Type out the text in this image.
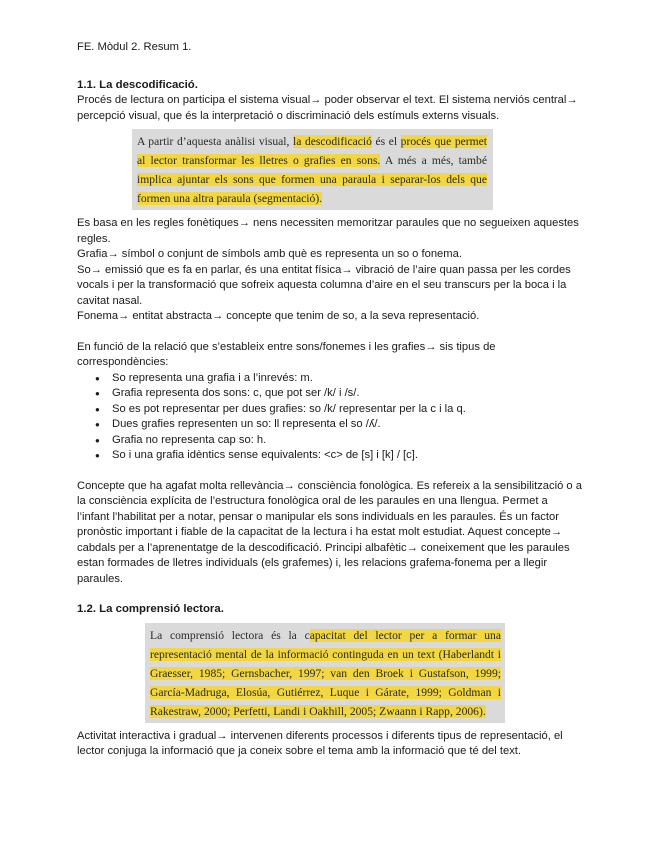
FE. Mòdul 2. Resum 1.

1.1. La descodificació.

Procés de lectura on participa el sistema visual→ poder observar el text. El sistema nerviós central→ percepció visual, que és la interpretació o discriminació dels estímuls externs visuals.

A partir d’aquesta anàlisi visual, la descodificació és el procés que permet al lector transformar les lletres o grafies en sons. A més a més, també implica ajuntar els sons que formen una paraula i separar-los dels que formen una altra paraula (segmentació).

Es basa en les regles fonètiques→ nens necessiten memoritzar paraules que no segueixen aquestes regles.

Grafia→ símbol o conjunt de símbols amb què es representa un so o fonema.

So→ emissió que es fa en parlar, és una entitat física→ vibració de l’aire quan passa per les cordes vocals i per la transformació que sofreix aquesta columna d’aire en el seu transcurs per la boca i la cavitat nasal.

Fonema→ entitat abstracta→ concepte que tenim de so, a la seva representació.

En funció de la relació que s’estableix entre sons/fonemes i les grafies→ sis tipus de correspondències:

● So representa una grafia i a l’inrevés: m.
● Grafia representa dos sons: c, que pot ser /k/ i /s/.
● So es pot representar per dues grafies: so /k/ representar per la c i la q.
● Dues grafies representen un so: ll representa el so /ʎ/.
● Grafia no representa cap so: h.
● So i una grafia idèntics sense equivalents: <c> de [s] i [k] / [c].

Concepte que ha agafat molta rellevància→ consciència fonològica. Es refereix a la sensibilització o a la consciència explícita de l’estructura fonològica oral de les paraules en una llengua. Permet a l’infant l’habilitat per a notar, pensar o manipular els sons individuals en les paraules. És un factor pronòstic important i fiable de la capacitat de la lectura i ha estat molt estudiat. Aquest concepte→ cabdals per a l’aprenentatge de la descodificació. Principi albafètic→ coneixement que les paraules estan formades de lletres individuals (els grafemes) i, les relacions grafema-fonema per a llegir paraules.

1.2. La comprensió lectora.
La comprensió lectora és la capacitat del lector per a formar una representació mental de la informació continguda en un text (Haberlandt i Graesser, 1985; Gernsbacher, 1997; van den Broek i Gustafson, 1999; García-Madruga, Elosúa, Gutiérrez, Luque i Gárate, 1999; Goldman i Rakestraw, 2000; Perfetti, Landi i Oakhill, 2005; Zwaann i Rapp, 2006).

Activitat interactiva i gradual→ intervenen diferents processos i diferents tipus de representació, el lector conjuga la informació que ja coneix sobre el tema amb la informació que té del text.
